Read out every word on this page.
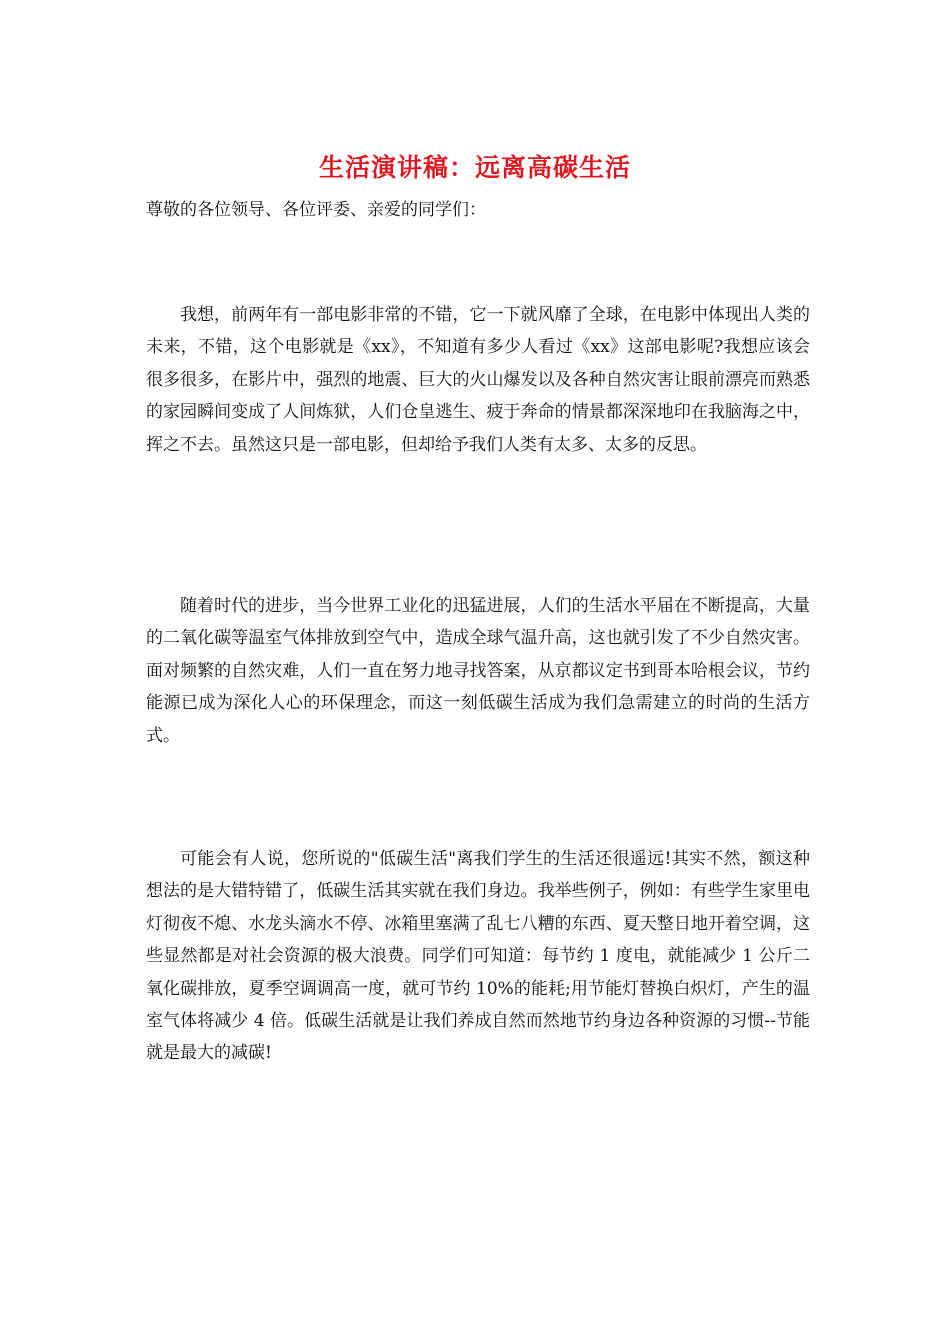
生活演讲稿：远离高碳生活
尊敬的各位领导、各位评委、亲爱的同学们：

我想，前两年有一部电影非常的不错，它一下就风靡了全球，在电影中体现出人类的未来，不错，这个电影就是《xx》，不知道有多少人看过《xx》这部电影呢?我想应该会很多很多，在影片中，强烈的地震、巨大的火山爆发以及各种自然灾害让眼前漂亮而熟悉的家园瞬间变成了人间炼狱，人们仓皇逃生、疲于奔命的情景都深深地印在我脑海之中，挥之不去。虽然这只是一部电影，但却给予我们人类有太多、太多的反思。

随着时代的进步，当今世界工业化的迅猛进展，人们的生活水平届在不断提高，大量的二氧化碳等温室气体排放到空气中，造成全球气温升高，这也就引发了不少自然灾害。面对频繁的自然灾难，人们一直在努力地寻找答案，从京都议定书到哥本哈根会议，节约能源已成为深化人心的环保理念，而这一刻低碳生活成为我们急需建立的时尚的生活方式。

可能会有人说，您所说的"低碳生活"离我们学生的生活还很遥远!其实不然，额这种想法的是大错特错了，低碳生活其实就在我们身边。我举些例子，例如：有些学生家里电灯彻夜不熄、水龙头滴水不停、冰箱里塞满了乱七八糟的东西、夏天整日地开着空调，这些显然都是对社会资源的极大浪费。同学们可知道：每节约 1 度电，就能减少 1 公斤二氧化碳排放，夏季空调调高一度，就可节约 10%的能耗;用节能灯替换白炽灯，产生的温室气体将减少 4 倍。低碳生活就是让我们养成自然而然地节约身边各种资源的习惯--节能就是最大的减碳!
